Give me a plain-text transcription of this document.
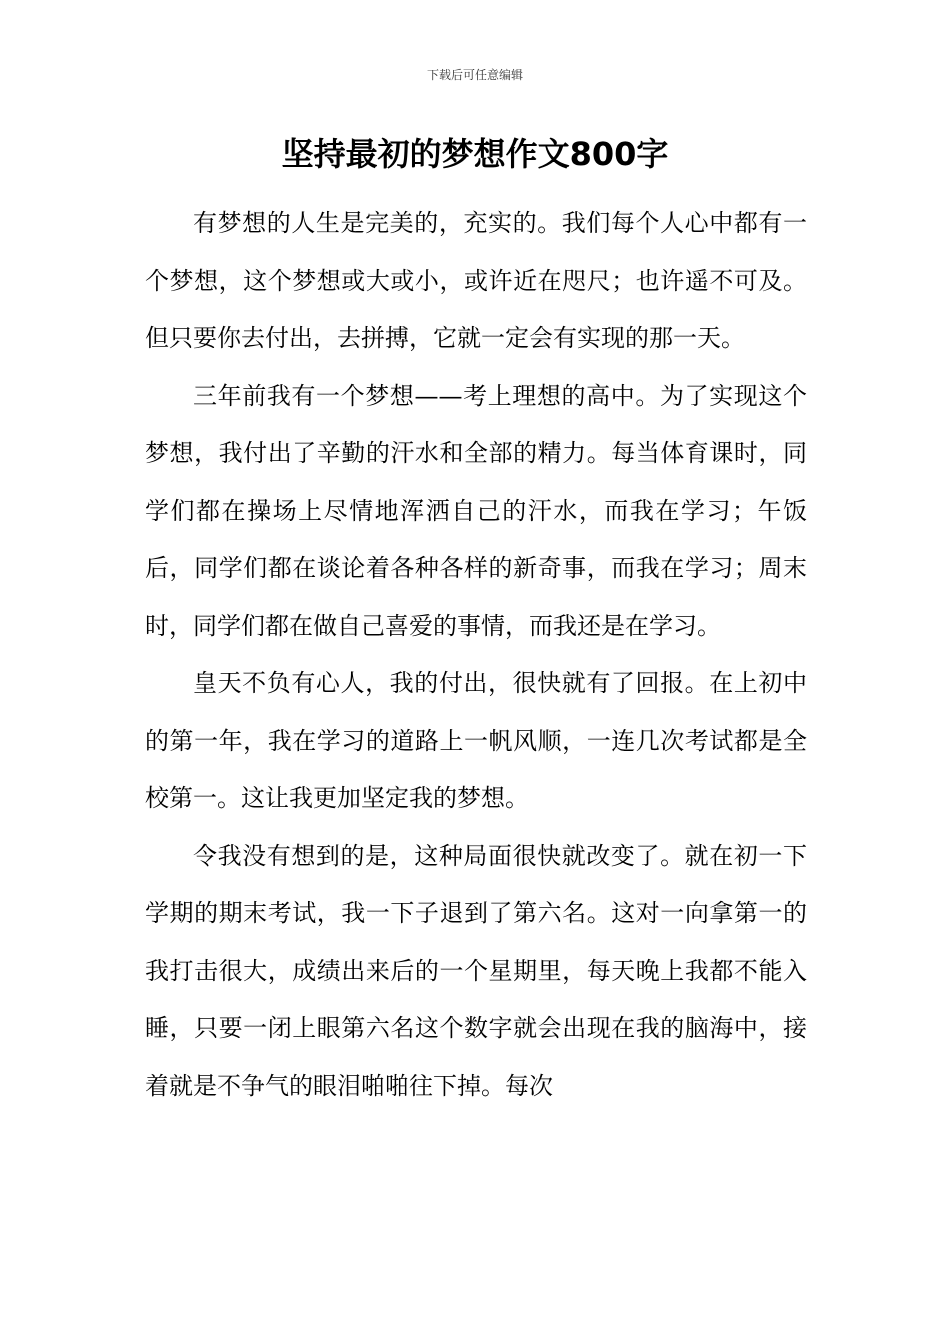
下载后可任意编辑
坚持最初的梦想作文800字

有梦想的人生是完美的，充实的。我们每个人心中都有一个梦想，这个梦想或大或小，或许近在咫尺；也许遥不可及。但只要你去付出，去拼搏，它就一定会有实现的那一天。

三年前我有一个梦想——考上理想的高中。为了实现这个梦想，我付出了辛勤的汗水和全部的精力。每当体育课时，同学们都在操场上尽情地浑洒自己的汗水，而我在学习；午饭后，同学们都在谈论着各种各样的新奇事，而我在学习；周末时，同学们都在做自己喜爱的事情，而我还是在学习。

皇天不负有心人，我的付出，很快就有了回报。在上初中的第一年，我在学习的道路上一帆风顺，一连几次考试都是全校第一。这让我更加坚定我的梦想。

令我没有想到的是，这种局面很快就改变了。就在初一下学期的期末考试，我一下子退到了第六名。这对一向拿第一的我打击很大，成绩出来后的一个星期里，每天晚上我都不能入睡，只要一闭上眼第六名这个数字就会出现在我的脑海中，接着就是不争气的眼泪啪啪往下掉。每次
